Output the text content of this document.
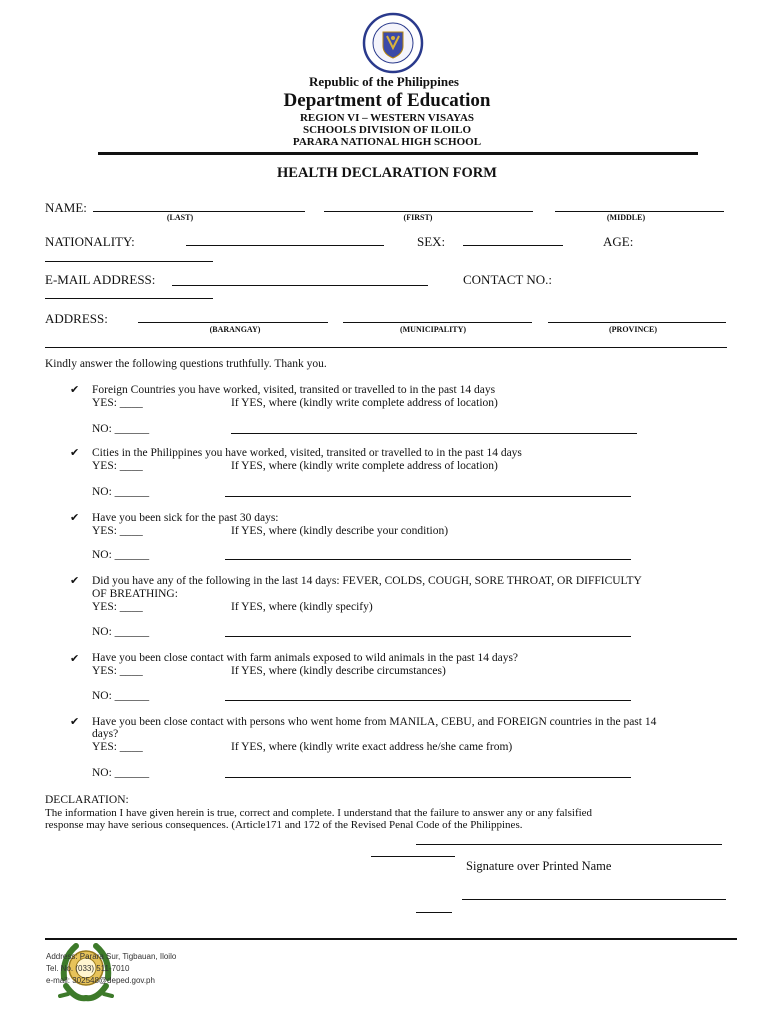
Republic of the Philippines
Department of Education
REGION VI – WESTERN VISAYAS
SCHOOLS DIVISION OF ILOILO
PARARA NATIONAL HIGH SCHOOL
HEALTH DECLARATION FORM
NAME:
(LAST)	(FIRST)	(MIDDLE)
NATIONALITY:	SEX:	AGE:
E-MAIL ADDRESS:	CONTACT NO.:
ADDRESS:
(BARANGAY)	(MUNICIPALITY)	(PROVINCE)
Kindly answer the following questions truthfully. Thank you.
✔ Foreign Countries you have worked, visited, transited or travelled to in the past 14 days
YES: ____	If YES, where (kindly write complete address of location)
NO: ______
✔ Cities in the Philippines you have worked, visited, transited or travelled to in the past 14 days
YES: ____	If YES, where (kindly write complete address of location)
NO: ______
✔ Have you been sick for the past 30 days:
YES: ____	If YES, where (kindly describe your condition)
NO: ______
✔ Did you have any of the following in the last 14 days: FEVER, COLDS, COUGH, SORE THROAT, OR DIFFICULTY
OF BREATHING:
YES: ____	If YES, where (kindly specify)
NO: ______
✔ Have you been close contact with farm animals exposed to wild animals in the past 14 days?
YES: ____	If YES, where (kindly describe circumstances)
NO: ______
✔ Have you been close contact with persons who went home from MANILA, CEBU, and FOREIGN countries in the past 14
days?
YES: ____	If YES, where (kindly write exact address he/she came from)
NO: ______
DECLARATION:
The information I have given herein is true, correct and complete. I understand that the failure to answer any or any falsified
response may have serious consequences. (Article171 and 172 of the Revised Penal Code of the Philippines.
Signature over Printed Name
Address: Parara Sur, Tigbauan, Iloilo
Tel. No. (033) 511-7010
e-mail: 302548@deped.gov.ph
